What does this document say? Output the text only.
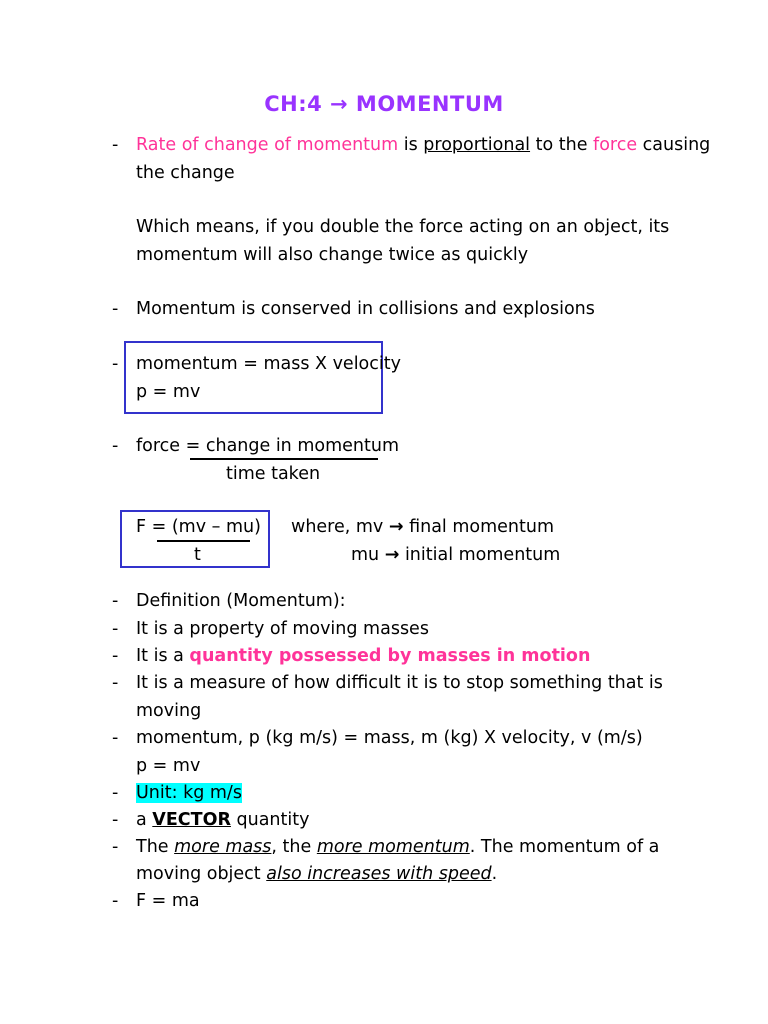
CH:4 → MOMENTUM
- Rate of change of momentum is proportional to the force causing
the change
Which means, if you double the force acting on an object, its
momentum will also change twice as quickly
- Momentum is conserved in collisions and explosions
- momentum = mass X velocity
p = mv
- force = change in momentum
time taken
F = (mv – mu)
t
where, mv → final momentum
mu → initial momentum
- Definition (Momentum):
- It is a property of moving masses
- It is a quantity possessed by masses in motion
- It is a measure of how difficult it is to stop something that is
moving
- momentum, p (kg m/s) = mass, m (kg) X velocity, v (m/s)
p = mv
- Unit: kg m/s
- a VECTOR quantity
- The more mass, the more momentum. The momentum of a
moving object also increases with speed.
- F = ma
